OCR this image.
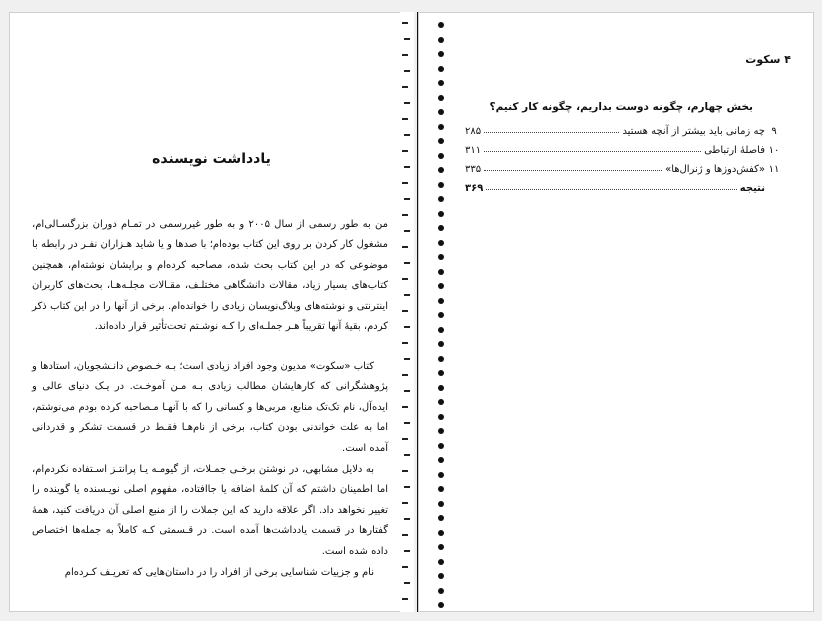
یادداشت نویسنده
من به طور رسمی از سال ۲۰۰۵ و به طور غیررسمی در تمـام دوران بزرگسـالی‌ام، مشغول کار کردن بر روی این کتاب بوده‌ام؛ با صدها و یا شاید هـزاران نفـر در رابطه با موضوعی که در این کتاب بحث شده، مصاحبه کرده‌ام و برایشان نوشته‌ام، همچنین کتاب‌های بسیار زیاد، مقالات دانشگاهی مختلـف، مقـالات مجلـه‌هـا، بحث‌های کاربران اینترنتی و نوشته‌های وبلاگ‌نویسان زیادی را خوانده‌ام. برخی از آنها را در این کتاب ذکر کردم، بقیهٔ آنها تقریباً هـر جملـه‌ای را کـه نوشـتم تحت‌تأثیر قرار داده‌اند.
کتاب «سکوت» مدیون وجود افراد زیادی است؛ بـه خـصوص دانـشجویان، استادها و پژوهشگرانی که کارهایشان مطالب زیادی بـه مـن آموخـت. در یـک دنیای عالی و ایده‌آل، نام تک‌تک منابع، مربی‌ها و کسانی را که با آنهـا مـصاحبه کرده بودم می‌نوشتم، اما به علت خواندنی بودن کتاب، برخی از نام‌هـا فقـط در قسمت تشکر و قدردانی آمده است.
به دلایل مشابهی، در نوشتن برخـی جمـلات، از گیومـه یـا پرانتـز اسـتفاده نکردم‌ام، اما اطمینان داشتم که آن کلمهٔ اضافه یا جاافتاده، مفهوم اصلی نویـسنده یا گوینده را تغییر نخواهد داد. اگر علاقه دارید که این جملات را از منبع اصلی آن دریافت کنید، همهٔ گفتارها در قسمت یادداشت‌ها آمده است. در قـسمتی کـه کاملاً به جمله‌ها اختصاص داده شده است.
نام و جزییات شناسایی برخی از افراد را در داستان‌هایی که تعریـف کـرده‌ام
۴ سکوت
بخش چهارم، چگونه دوست بداریم، چگونه کار کنیم؟
۹
چه زمانی باید بیشتر از آنچه هستید
۲۸۵
۱۰
فاصلهٔ ارتباطی
۳۱۱
۱۱
«کفش‌دوزها و ژنرال‌ها»
۳۳۵
نتیجه
۳۶۹
